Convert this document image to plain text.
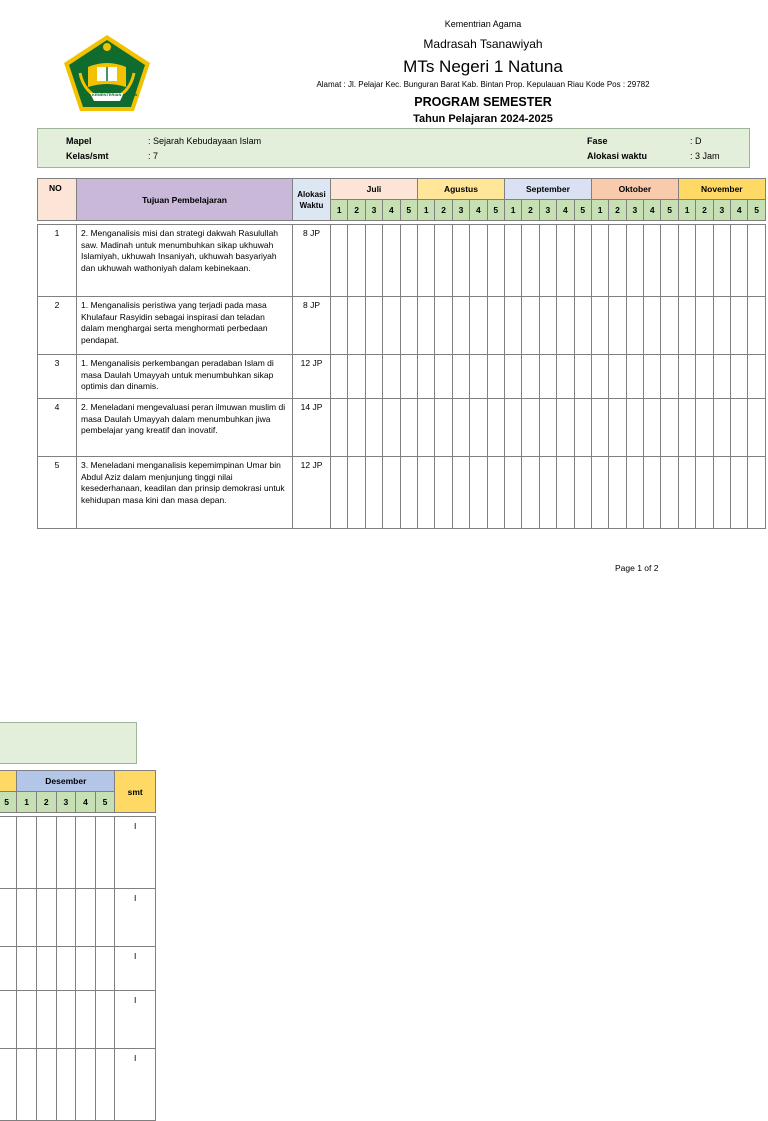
KEMENTERIAN AGAMA
Kementrian Agama
Madrasah Tsanawiyah
MTs Negeri 1 Natuna
Alamat : Jl. Pelajar Kec. Bunguran Barat Kab. Bintan Prop. Kepulauan Riau Kode Pos : 29782
PROGRAM SEMESTER
Tahun Pelajaran 2024-2025
Mapel	: Sejarah Kebudayaan Islam
Kelas/smt	: 7
Fase	: D
Alokasi waktu	: 3 Jam
NO	Tujuan Pembelajaran	Alokasi Waktu	Juli					Agustus					September					Oktober					November				
			1	2	3	4	5	1	2	3	4	5	1	2	3	4	5	1	2	3	4	5	1	2	3	4	5

1	2. Menganalisis misi dan strategi dakwah Rasulullah saw. Madinah untuk menumbuhkan sikap ukhuwah Islamiyah, ukhuwah Insaniyah, ukhuwah basyariyah dan ukhuwah wathoniyah dalam kebinekaan.	8 JP																									
2	1. Menganalisis peristiwa yang terjadi pada masa Khulafaur Rasyidin sebagai inspirasi dan teladan dalam menghargai serta menghormati perbedaan pendapat.	8 JP																									
3	1. Menganalisis perkembangan peradaban Islam di masa Daulah Umayyah untuk menumbuhkan sikap optimis dan dinamis.	12 JP																									
4	2. Meneladani mengevaluasi peran ilmuwan muslim di masa Daulah Umayyah dalam menumbuhkan jiwa pembelajar yang kreatif dan inovatif.	14 JP																									
5	3. Meneladani menganalisis kepemimpinan Umar bin Abdul Aziz dalam menjunjung tinggi nilai kesederhanaan, keadilan dan prinsip demokrasi untuk kehidupan masa kini dan masa depan.	12 JP																									
Page 1 of 2
	Desember					smt
5	1	2	3	4	5	

						I
						I
						I
						I
						I
